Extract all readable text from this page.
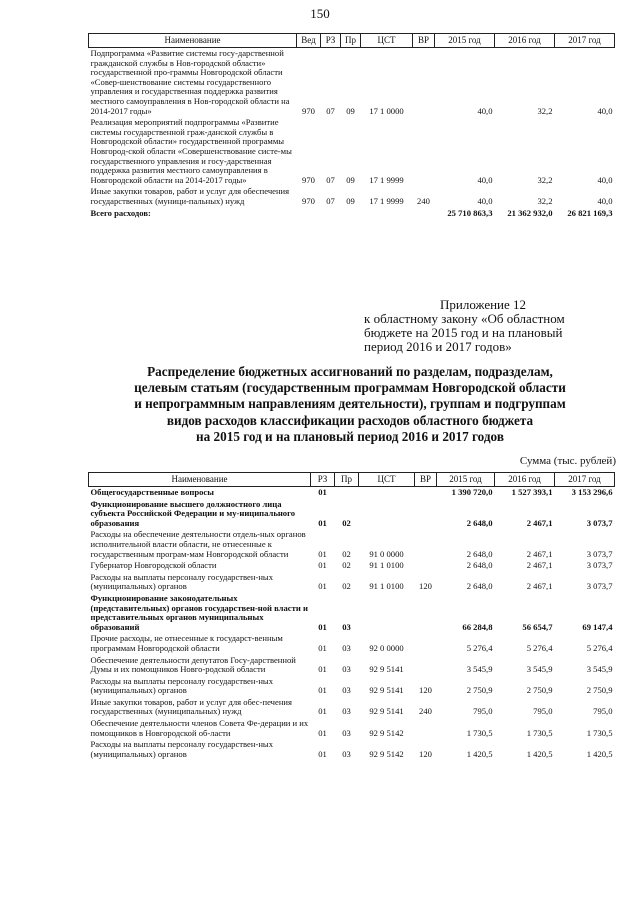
150
Наименование	Вед	РЗ	Пр	ЦСТ	ВР	2015 год	2016 год	2017 год
Подпрограмма «Развитие системы госу-дарственной гражданской службы в Нов-городской области» государственной про-граммы Новгородской области «Совер-шенствование системы государственного управления и государственная поддержка развития местного самоуправления в Нов-городской области на 2014-2017 годы»	970	07	09	17 1 0000		40,0	32,2	40,0
Реализация мероприятий подпрограммы «Развитие системы государственной граж-данской службы в Новгородской области» государственной программы Новгород-ской области «Совершенствование систе-мы государственного управления и госу-дарственная поддержка развития местного самоуправления в Новгородской области на 2014-2017 годы»	970	07	09	17 1 9999		40,0	32,2	40,0
Иные закупки товаров, работ и услуг для обеспечения государственных (муници-пальных) нужд	970	07	09	17 1 9999	240	40,0	32,2	40,0
Всего расходов:						25 710 863,3	21 362 932,0	26 821 169,3
Приложение 12
к областному закону «Об областном
бюджете на 2015 год и на плановый
период 2016 и 2017 годов»
Распределение бюджетных ассигнований по разделам, подразделам,
целевым статьям (государственным программам Новгородской области
и непрограммным направлениям деятельности), группам и подгруппам
видов расходов классификации расходов областного бюджета
на 2015 год и на плановый период 2016 и 2017 годов
Сумма (тыс. рублей)
Наименование	РЗ	Пр	ЦСТ	ВР	2015 год	2016 год	2017 год
Общегосударственные вопросы	01				1 390 720,0	1 527 393,1	3 153 296,6
Функционирование высшего должностного лица субъекта Российской Федерации и му-ниципального образования	01	02			2 648,0	2 467,1	3 073,7
Расходы на обеспечение деятельности отдель-ных органов исполнительной власти области, не отнесенные к государственным програм-мам Новгородской области	01	02	91 0 0000		2 648,0	2 467,1	3 073,7
Губернатор Новгородской области	01	02	91 1 0100		2 648,0	2 467,1	3 073,7
Расходы на выплаты персоналу государствен-ных (муниципальных) органов	01	02	91 1 0100	120	2 648,0	2 467,1	3 073,7
Функционирование законодательных (представительных) органов государствен-ной власти и представительных органов муниципальных образований	01	03			66 284,8	56 654,7	69 147,4
Прочие расходы, не отнесенные к государст-венным программам Новгородской области	01	03	92 0 0000		5 276,4	5 276,4	5 276,4
Обеспечение деятельности депутатов Госу-дарственной Думы и их помощников Новго-родской области	01	03	92 9 5141		3 545,9	3 545,9	3 545,9
Расходы на выплаты персоналу государствен-ных (муниципальных) органов	01	03	92 9 5141	120	2 750,9	2 750,9	2 750,9
Иные закупки товаров, работ и услуг для обес-печения государственных (муниципальных) нужд	01	03	92 9 5141	240	795,0	795,0	795,0
Обеспечение деятельности членов Совета Фе-дерации и их помощников в Новгородской об-ласти	01	03	92 9 5142		1 730,5	1 730,5	1 730,5
Расходы на выплаты персоналу государствен-ных (муниципальных) органов	01	03	92 9 5142	120	1 420,5	1 420,5	1 420,5
